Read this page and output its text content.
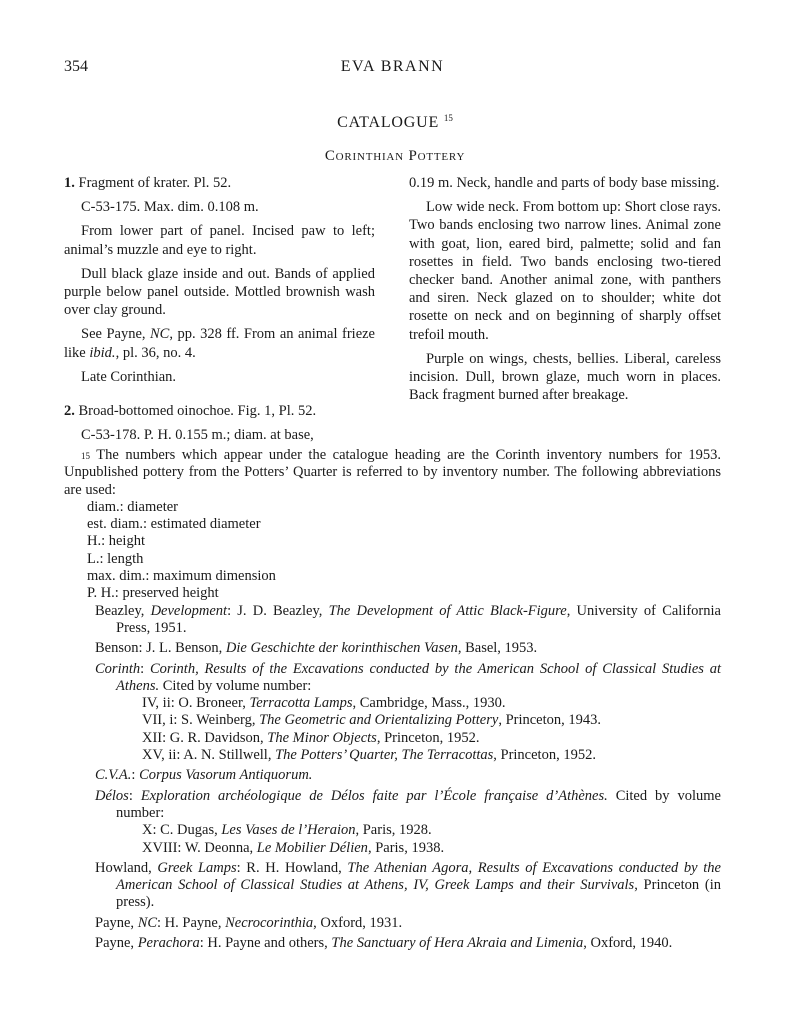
354	EVA BRANN
CATALOGUE $^{15}$
Corinthian Pottery

1. Fragment of krater. Pl. 52.

C-53-175. Max. dim. 0.108 m.

From lower part of panel. Incised paw to left; animal’s muzzle and eye to right.

Dull black glaze inside and out. Bands of applied purple below panel outside. Mottled brownish wash over clay ground.

See Payne, NC, pp. 328 ff. From an animal frieze like ibid., pl. 36, no. 4.

Late Corinthian.

2. Broad-bottomed oinochoe. Fig. 1, Pl. 52.

C-53-178. P. H. 0.155 m.; diam. at base,

0.19 m. Neck, handle and parts of body base missing.

Low wide neck. From bottom up: Short close rays. Two bands enclosing two narrow lines. Animal zone with goat, lion, eared bird, palmette; solid and fan rosettes in field. Two bands enclosing two-tiered checker band. Another animal zone, with panthers and siren. Neck glazed on to shoulder; white dot rosette on neck and on beginning of sharply offset trefoil mouth.

Purple on wings, chests, bellies. Liberal, careless incision. Dull, brown glaze, much worn in places. Back fragment burned after breakage.

$^{15}$ The numbers which appear under the catalogue heading are the Corinth inventory numbers for 1953. Unpublished pottery from the Potters’ Quarter is referred to by inventory number. The following abbreviations are used:

diam.: diameter

est. diam.: estimated diameter

H.: height

L.: length

max. dim.: maximum dimension

P. H.: preserved height

Beazley, Development: J. D. Beazley, The Development of Attic Black-Figure, University of California Press, 1951.

Benson: J. L. Benson, Die Geschichte der korinthischen Vasen, Basel, 1953.

Corinth: Corinth, Results of the Excavations conducted by the American School of Classical Studies at Athens. Cited by volume number:

IV, ii: O. Broneer, Terracotta Lamps, Cambridge, Mass., 1930.

VII, i: S. Weinberg, The Geometric and Orientalizing Pottery, Princeton, 1943.

XII: G. R. Davidson, The Minor Objects, Princeton, 1952.

XV, ii: A. N. Stillwell, The Potters’ Quarter, The Terracottas, Princeton, 1952.

C.V.A.: Corpus Vasorum Antiquorum.

Délos: Exploration archéologique de Délos faite par l’École française d’Athènes. Cited by volume number:

X: C. Dugas, Les Vases de l’Heraion, Paris, 1928.

XVIII: W. Deonna, Le Mobilier Délien, Paris, 1938.

Howland, Greek Lamps: R. H. Howland, The Athenian Agora, Results of Excavations conducted by the American School of Classical Studies at Athens, IV, Greek Lamps and their Survivals, Princeton (in press).

Payne, NC: H. Payne, Necrocorinthia, Oxford, 1931.

Payne, Perachora: H. Payne and others, The Sanctuary of Hera Akraia and Limenia, Oxford, 1940.
